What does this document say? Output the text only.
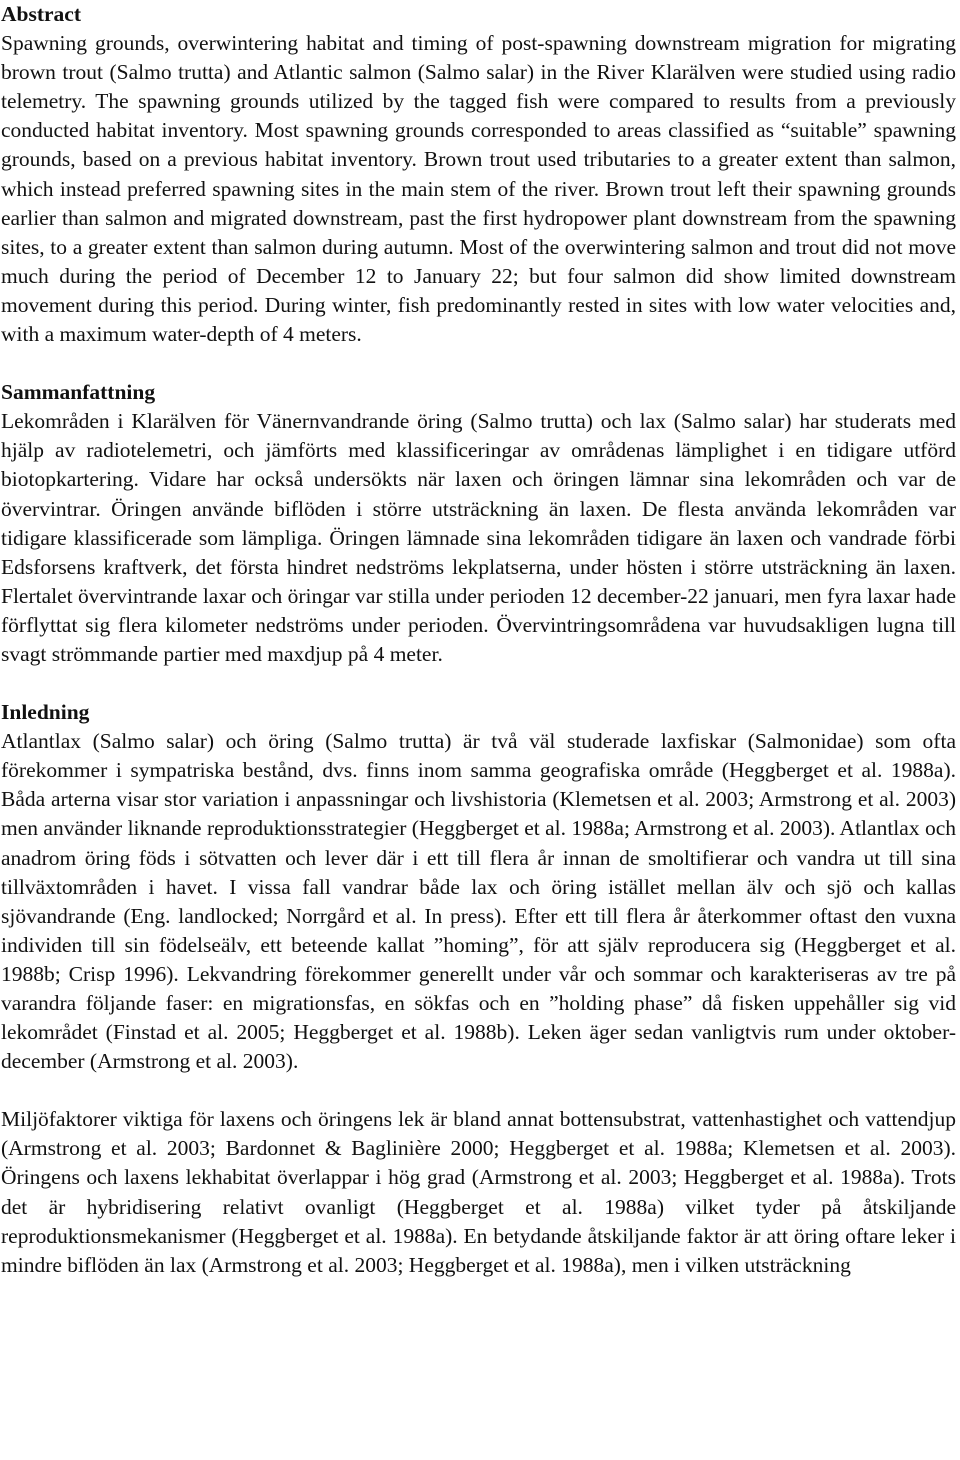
Abstract

Spawning grounds, overwintering habitat and timing of post-spawning downstream migration for migrating brown trout (Salmo trutta) and Atlantic salmon (Salmo salar) in the River Klarälven were studied using radio telemetry. The spawning grounds utilized by the tagged fish were compared to results from a previously conducted habitat inventory. Most spawning grounds corresponded to areas classified as “suitable” spawning grounds, based on a previous habitat inventory. Brown trout used tributaries to a greater extent than salmon, which instead preferred spawning sites in the main stem of the river. Brown trout left their spawning grounds earlier than salmon and migrated downstream, past the first hydropower plant downstream from the spawning sites, to a greater extent than salmon during autumn. Most of the overwintering salmon and trout did not move much during the period of December 12 to January 22; but four salmon did show limited downstream movement during this period. During winter, fish predominantly rested in sites with low water velocities and, with a maximum water-depth of 4 meters.

Sammanfattning

Lekområden i Klarälven för Vänernvandrande öring (Salmo trutta) och lax (Salmo salar) har studerats med hjälp av radiotelemetri, och jämförts med klassificeringar av områdenas lämplighet i en tidigare utförd biotopkartering. Vidare har också undersökts när laxen och öringen lämnar sina lekområden och var de övervintrar. Öringen använde biflöden i större utsträckning än laxen. De flesta använda lekområden var tidigare klassificerade som lämpliga. Öringen lämnade sina lekområden tidigare än laxen och vandrade förbi Edsforsens kraftverk, det första hindret nedströms lekplatserna, under hösten i större utsträckning än laxen. Flertalet övervintrande laxar och öringar var stilla under perioden 12 december-22 januari, men fyra laxar hade förflyttat sig flera kilometer nedströms under perioden. Övervintringsområdena var huvudsakligen lugna till svagt strömmande partier med maxdjup på 4 meter.

Inledning

Atlantlax (Salmo salar) och öring (Salmo trutta) är två väl studerade laxfiskar (Salmonidae) som ofta förekommer i sympatriska bestånd, dvs. finns inom samma geografiska område (Heggberget et al. 1988a). Båda arterna visar stor variation i anpassningar och livshistoria (Klemetsen et al. 2003; Armstrong et al. 2003) men använder liknande reproduktionsstrategier (Heggberget et al. 1988a; Armstrong et al. 2003). Atlantlax och anadrom öring föds i sötvatten och lever där i ett till flera år innan de smoltifierar och vandra ut till sina tillväxtområden i havet. I vissa fall vandrar både lax och öring istället mellan älv och sjö och kallas sjövandrande (Eng. landlocked; Norrgård et al. In press). Efter ett till flera år återkommer oftast den vuxna individen till sin födelseälv, ett beteende kallat ”homing”, för att själv reproducera sig (Heggberget et al. 1988b; Crisp 1996). Lekvandring förekommer generellt under vår och sommar och karakteriseras av tre på varandra följande faser: en migrationsfas, en sökfas och en ”holding phase” då fisken uppehåller sig vid lekområdet (Finstad et al. 2005; Heggberget et al. 1988b). Leken äger sedan vanligtvis rum under oktober-december (Armstrong et al. 2003).

Miljöfaktorer viktiga för laxens och öringens lek är bland annat bottensubstrat, vattenhastighet och vattendjup (Armstrong et al. 2003; Bardonnet & Baglinière 2000; Heggberget et al. 1988a; Klemetsen et al. 2003). Öringens och laxens lekhabitat överlappar i hög grad (Armstrong et al. 2003; Heggberget et al. 1988a). Trots det är hybridisering relativt ovanligt (Heggberget et al. 1988a) vilket tyder på åtskiljande reproduktionsmekanismer (Heggberget et al. 1988a). En betydande åtskiljande faktor är att öring oftare leker i mindre biflöden än lax (Armstrong et al. 2003; Heggberget et al. 1988a), men i vilken utsträckning
